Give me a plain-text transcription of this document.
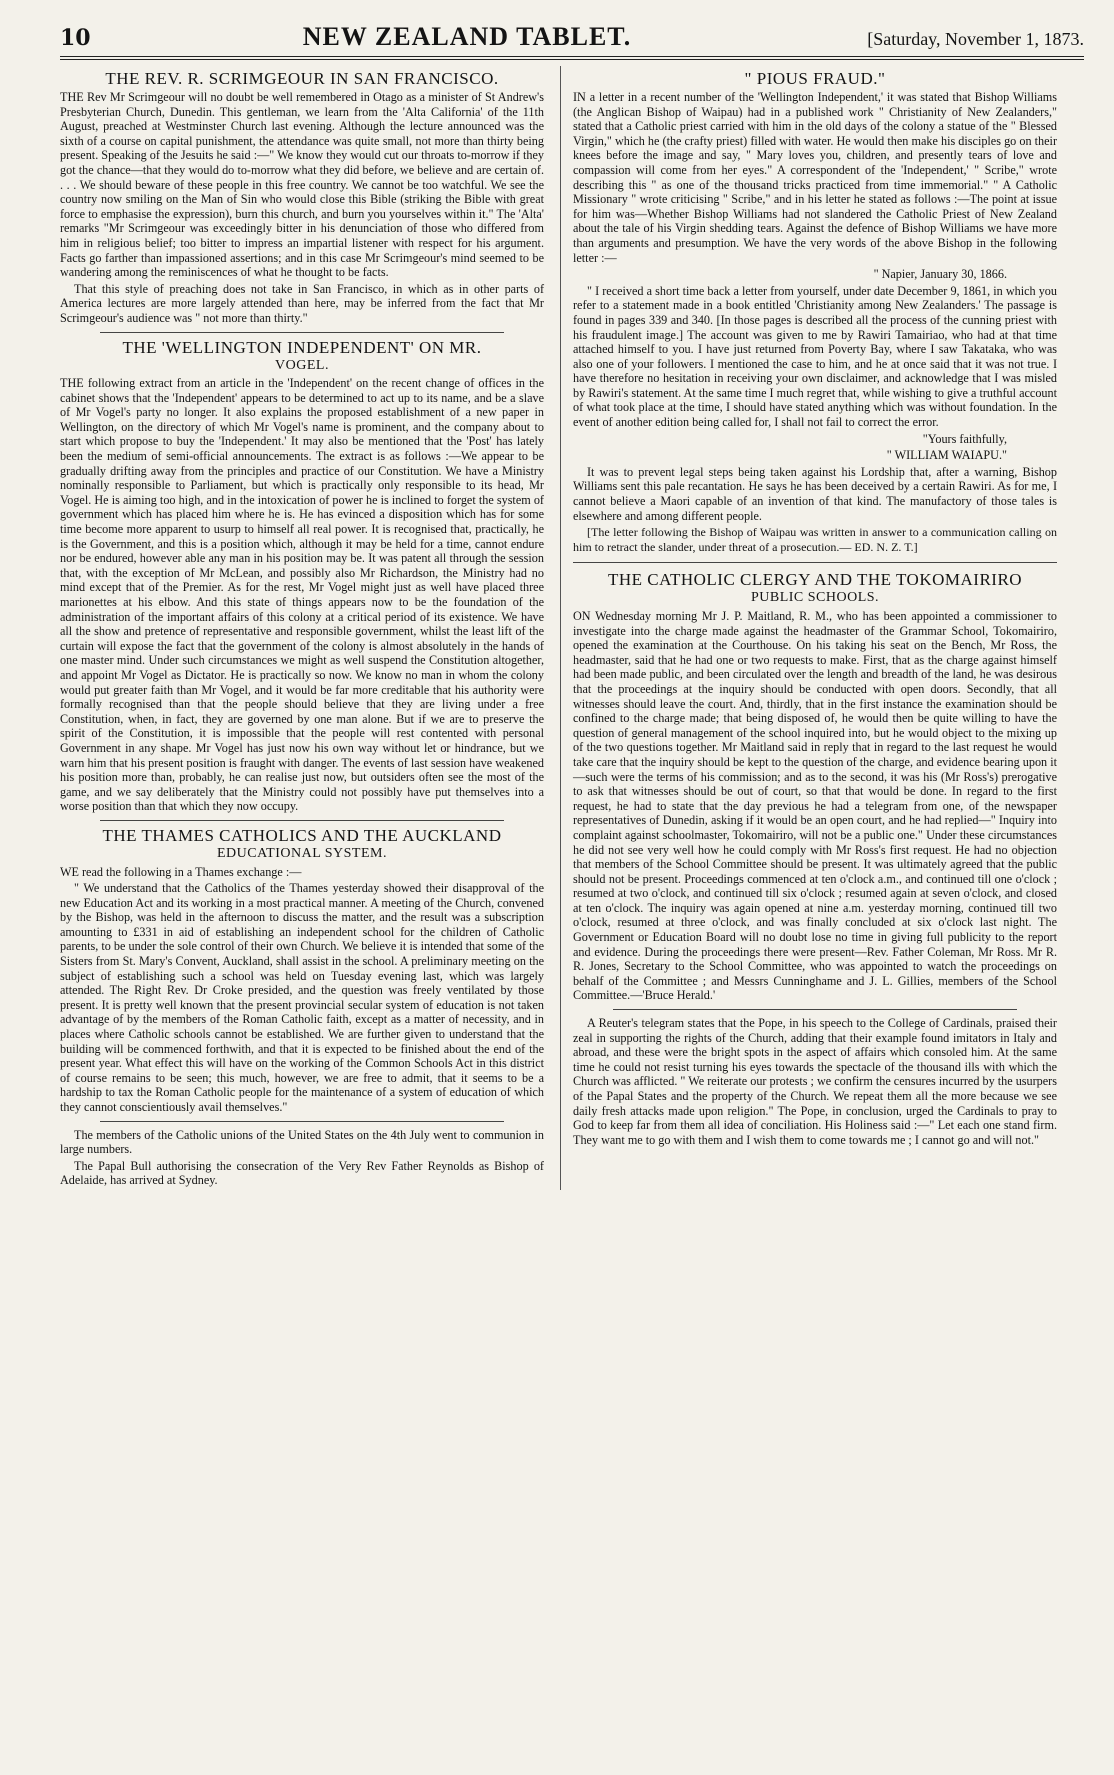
10	NEW ZEALAND TABLET.	[Saturday, November 1, 1873.
THE REV. R. SCRIMGEOUR IN SAN FRANCISCO.

THE Rev Mr Scrimgeour will no doubt be well remembered in Otago as a minister of St Andrew's Presbyterian Church, Dunedin. This gentleman, we learn from the 'Alta California' of the 11th August, preached at Westminster Church last evening. Although the lecture announced was the sixth of a course on capital punishment, the attendance was quite small, not more than thirty being present. Speaking of the Jesuits he said :—" We know they would cut our throats to-morrow if they got the chance—that they would do to-morrow what they did before, we believe and are certain of. . . . We should beware of these people in this free country. We cannot be too watchful. We see the country now smiling on the Man of Sin who would close this Bible (striking the Bible with great force to emphasise the expression), burn this church, and burn you yourselves within it." The 'Alta' remarks "Mr Scrimgeour was exceedingly bitter in his denunciation of those who differed from him in religious belief; too bitter to impress an impartial listener with respect for his argument. Facts go farther than impassioned assertions; and in this case Mr Scrimgeour's mind seemed to be wandering among the reminiscences of what he thought to be facts.

That this style of preaching does not take in San Francisco, in which as in other parts of America lectures are more largely attended than here, may be inferred from the fact that Mr Scrimgeour's audience was " not more than thirty."

THE 'WELLINGTON INDEPENDENT' ON MR.
VOGEL.

THE following extract from an article in the 'Independent' on the recent change of offices in the cabinet shows that the 'Independent' appears to be determined to act up to its name, and be a slave of Mr Vogel's party no longer. It also explains the proposed establishment of a new paper in Wellington, on the directory of which Mr Vogel's name is prominent, and the company about to start which propose to buy the 'Independent.' It may also be mentioned that the 'Post' has lately been the medium of semi-official announcements. The extract is as follows :—We appear to be gradually drifting away from the principles and practice of our Constitution. We have a Ministry nominally responsible to Parliament, but which is practically only responsible to its head, Mr Vogel. He is aiming too high, and in the intoxication of power he is inclined to forget the system of government which has placed him where he is. He has evinced a disposition which has for some time become more apparent to usurp to himself all real power. It is recognised that, practically, he is the Government, and this is a position which, although it may be held for a time, cannot endure nor be endured, however able any man in his position may be. It was patent all through the session that, with the exception of Mr McLean, and possibly also Mr Richardson, the Ministry had no mind except that of the Premier. As for the rest, Mr Vogel might just as well have placed three marionettes at his elbow. And this state of things appears now to be the foundation of the administration of the important affairs of this colony at a critical period of its existence. We have all the show and pretence of representative and responsible government, whilst the least lift of the curtain will expose the fact that the government of the colony is almost absolutely in the hands of one master mind. Under such circumstances we might as well suspend the Constitution altogether, and appoint Mr Vogel as Dictator. He is practically so now. We know no man in whom the colony would put greater faith than Mr Vogel, and it would be far more creditable that his authority were formally recognised than that the people should believe that they are living under a free Constitution, when, in fact, they are governed by one man alone. But if we are to preserve the spirit of the Constitution, it is impossible that the people will rest contented with personal Government in any shape. Mr Vogel has just now his own way without let or hindrance, but we warn him that his present position is fraught with danger. The events of last session have weakened his position more than, probably, he can realise just now, but outsiders often see the most of the game, and we say deliberately that the Ministry could not possibly have put themselves into a worse position than that which they now occupy.

THE THAMES CATHOLICS AND THE AUCKLAND
EDUCATIONAL SYSTEM.

WE read the following in a Thames exchange :—

" We understand that the Catholics of the Thames yesterday showed their disapproval of the new Education Act and its working in a most practical manner. A meeting of the Church, convened by the Bishop, was held in the afternoon to discuss the matter, and the result was a subscription amounting to £331 in aid of establishing an independent school for the children of Catholic parents, to be under the sole control of their own Church. We believe it is intended that some of the Sisters from St. Mary's Convent, Auckland, shall assist in the school. A preliminary meeting on the subject of establishing such a school was held on Tuesday evening last, which was largely attended. The Right Rev. Dr Croke presided, and the question was freely ventilated by those present. It is pretty well known that the present provincial secular system of education is not taken advantage of by the members of the Roman Catholic faith, except as a matter of necessity, and in places where Catholic schools cannot be established. We are further given to understand that the building will be commenced forthwith, and that it is expected to be finished about the end of the present year. What effect this will have on the working of the Common Schools Act in this district of course remains to be seen; this much, however, we are free to admit, that it seems to be a hardship to tax the Roman Catholic people for the maintenance of a system of education of which they cannot conscientiously avail themselves."

The members of the Catholic unions of the United States on the 4th July went to communion in large numbers.

The Papal Bull authorising the consecration of the Very Rev Father Reynolds as Bishop of Adelaide, has arrived at Sydney.

" PIOUS FRAUD."

IN a letter in a recent number of the 'Wellington Independent,' it was stated that Bishop Williams (the Anglican Bishop of Waipau) had in a published work " Christianity of New Zealanders," stated that a Catholic priest carried with him in the old days of the colony a statue of the " Blessed Virgin," which he (the crafty priest) filled with water. He would then make his disciples go on their knees before the image and say, " Mary loves you, children, and presently tears of love and compassion will come from her eyes." A correspondent of the 'Independent,' " Scribe," wrote describing this " as one of the thousand tricks practiced from time immemorial." " A Catholic Missionary " wrote criticising " Scribe," and in his letter he stated as follows :—The point at issue for him was—Whether Bishop Williams had not slandered the Catholic Priest of New Zealand about the tale of his Virgin shedding tears. Against the defence of Bishop Williams we have more than arguments and presumption. We have the very words of the above Bishop in the following letter :—

" Napier, January 30, 1866.

" I received a short time back a letter from yourself, under date December 9, 1861, in which you refer to a statement made in a book entitled 'Christianity among New Zealanders.' The passage is found in pages 339 and 340. [In those pages is described all the process of the cunning priest with his fraudulent image.] The account was given to me by Rawiri Tamairiao, who had at that time attached himself to you. I have just returned from Poverty Bay, where I saw Takataka, who was also one of your followers. I mentioned the case to him, and he at once said that it was not true. I have therefore no hesitation in receiving your own disclaimer, and acknowledge that I was misled by Rawiri's statement. At the same time I much regret that, while wishing to give a truthful account of what took place at the time, I should have stated anything which was without foundation. In the event of another edition being called for, I shall not fail to correct the error.

"Yours faithfully,

" WILLIAM WAIAPU."

It was to prevent legal steps being taken against his Lordship that, after a warning, Bishop Williams sent this pale recantation. He says he has been deceived by a certain Rawiri. As for me, I cannot believe a Maori capable of an invention of that kind. The manufactory of those tales is elsewhere and among different people.

[The letter following the Bishop of Waipau was written in answer to a communication calling on him to retract the slander, under threat of a prosecution.— ED. N. Z. T.]

THE CATHOLIC CLERGY AND THE TOKOMAIRIRO
PUBLIC SCHOOLS.

ON Wednesday morning Mr J. P. Maitland, R. M., who has been appointed a commissioner to investigate into the charge made against the headmaster of the Grammar School, Tokomairiro, opened the examination at the Courthouse. On his taking his seat on the Bench, Mr Ross, the headmaster, said that he had one or two requests to make. First, that as the charge against himself had been made public, and been circulated over the length and breadth of the land, he was desirous that the proceedings at the inquiry should be conducted with open doors. Secondly, that all witnesses should leave the court. And, thirdly, that in the first instance the examination should be confined to the charge made; that being disposed of, he would then be quite willing to have the question of general management of the school inquired into, but he would object to the mixing up of the two questions together. Mr Maitland said in reply that in regard to the last request he would take care that the inquiry should be kept to the question of the charge, and evidence bearing upon it—such were the terms of his commission; and as to the second, it was his (Mr Ross's) prerogative to ask that witnesses should be out of court, so that that would be done. In regard to the first request, he had to state that the day previous he had a telegram from one, of the newspaper representatives of Dunedin, asking if it would be an open court, and he had replied—" Inquiry into complaint against schoolmaster, Tokomairiro, will not be a public one." Under these circumstances he did not see very well how he could comply with Mr Ross's first request. He had no objection that members of the School Committee should be present. It was ultimately agreed that the public should not be present. Proceedings commenced at ten o'clock a.m., and continued till one o'clock ; resumed at two o'clock, and continued till six o'clock ; resumed again at seven o'clock, and closed at ten o'clock. The inquiry was again opened at nine a.m. yesterday morning, continued till two o'clock, resumed at three o'clock, and was finally concluded at six o'clock last night. The Government or Education Board will no doubt lose no time in giving full publicity to the report and evidence. During the proceedings there were present—Rev. Father Coleman, Mr Ross. Mr R. R. Jones, Secretary to the School Committee, who was appointed to watch the proceedings on behalf of the Committee ; and Messrs Cunninghame and J. L. Gillies, members of the School Committee.—'Bruce Herald.'

A Reuter's telegram states that the Pope, in his speech to the College of Cardinals, praised their zeal in supporting the rights of the Church, adding that their example found imitators in Italy and abroad, and these were the bright spots in the aspect of affairs which consoled him. At the same time he could not resist turning his eyes towards the spectacle of the thousand ills with which the Church was afflicted. " We reiterate our protests ; we confirm the censures incurred by the usurpers of the Papal States and the property of the Church. We repeat them all the more because we see daily fresh attacks made upon religion." The Pope, in conclusion, urged the Cardinals to pray to God to keep far from them all idea of conciliation. His Holiness said :—" Let each one stand firm. They want me to go with them and I wish them to come towards me ; I cannot go and will not."
